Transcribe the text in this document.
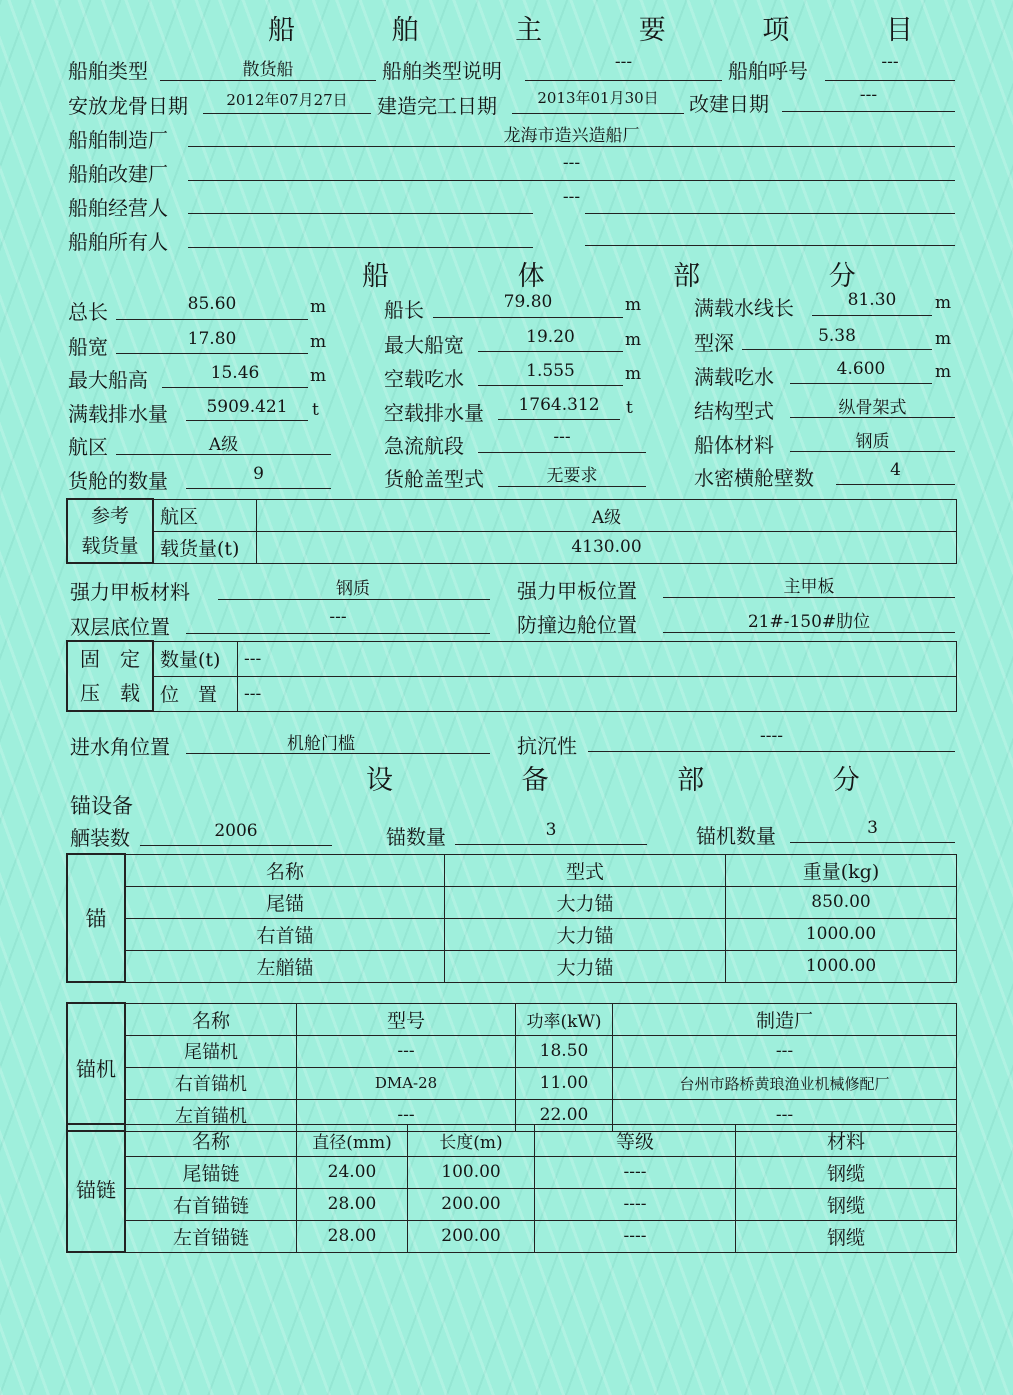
船 舶 主 要 项 目
船舶类型	散货船	船舶类型说明	---	船舶呼号	---
安放龙骨日期	2012年07月27日	建造完工日期	2013年01月30日	改建日期	---
船舶制造厂	龙海市造兴造船厂
船舶改建厂	---
船舶经营人	---
船舶所有人
船 体 部 分
总长	85.60	m	船长	79.80	m	满载水线长	81.30	m
船宽	17.80	m	最大船宽	19.20	m	型深	5.38	m
最大船高	15.46	m	空载吃水	1.555	m	满载吃水	4.600	m
满载排水量	5909.421	t	空载排水量	1764.312	t	结构型式	纵骨架式
航区	A级	急流航段	---	船体材料	钢质
货舱的数量	9	货舱盖型式	无要求	水密横舱壁数	4
参考
载货量	航区	A级
	载货量(t)	4130.00
强力甲板材料	钢质	强力甲板位置	主甲板
双层底位置	---	防撞边舱位置	21#-150#肋位
固　定
压　载	数量(t)	---
	位　置	---
进水角位置	机舱门槛	抗沉性	----
设 备 部 分
锚设备
舾装数	2006	锚数量	3	锚机数量	3
锚	名称	型式	重量(kg)
	尾锚	大力锚	850.00
	右首锚	大力锚	1000.00
	左艏锚	大力锚	1000.00
锚机	名称	型号	功率(kW)	制造厂
	尾锚机	---	18.50	---
	右首锚机	DMA-28	11.00	台州市路桥黄琅渔业机械修配厂
	左首锚机	---	22.00	---
锚链	名称	直径(mm)	长度(m)	等级	材料
	尾锚链	24.00	100.00	----	钢缆
	右首锚链	28.00	200.00	----	钢缆
	左首锚链	28.00	200.00	----	钢缆
